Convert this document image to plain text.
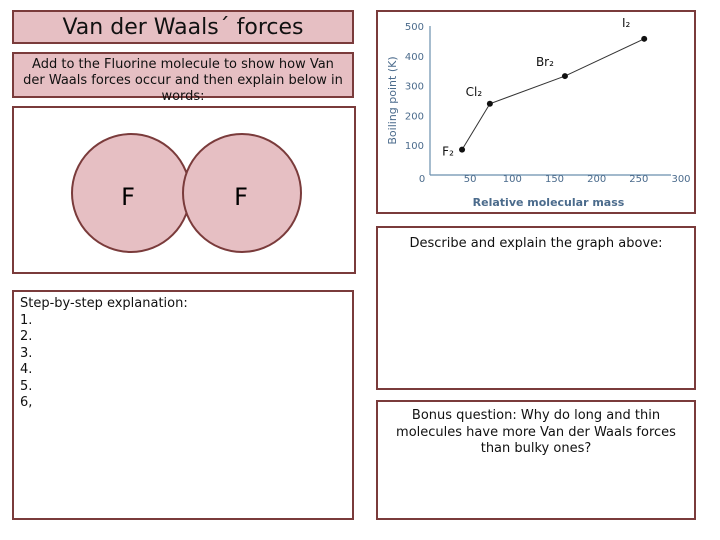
Van der Waals´ forces
Add to the Fluorine molecule to show how Van der Waals forces occur and then explain below in words:
F	F
Step-by-step explanation:
1.
2.
3.
4.
5.
6,
0	50	100 150 200 250 300
100
200
300
400
500
Relative molecular mass
Boiling point (K)
F₂
Cl₂
Br₂
I₂
Describe and explain the graph above:
Bonus question: Why do long and thin molecules have more Van der Waals forces than bulky ones?
